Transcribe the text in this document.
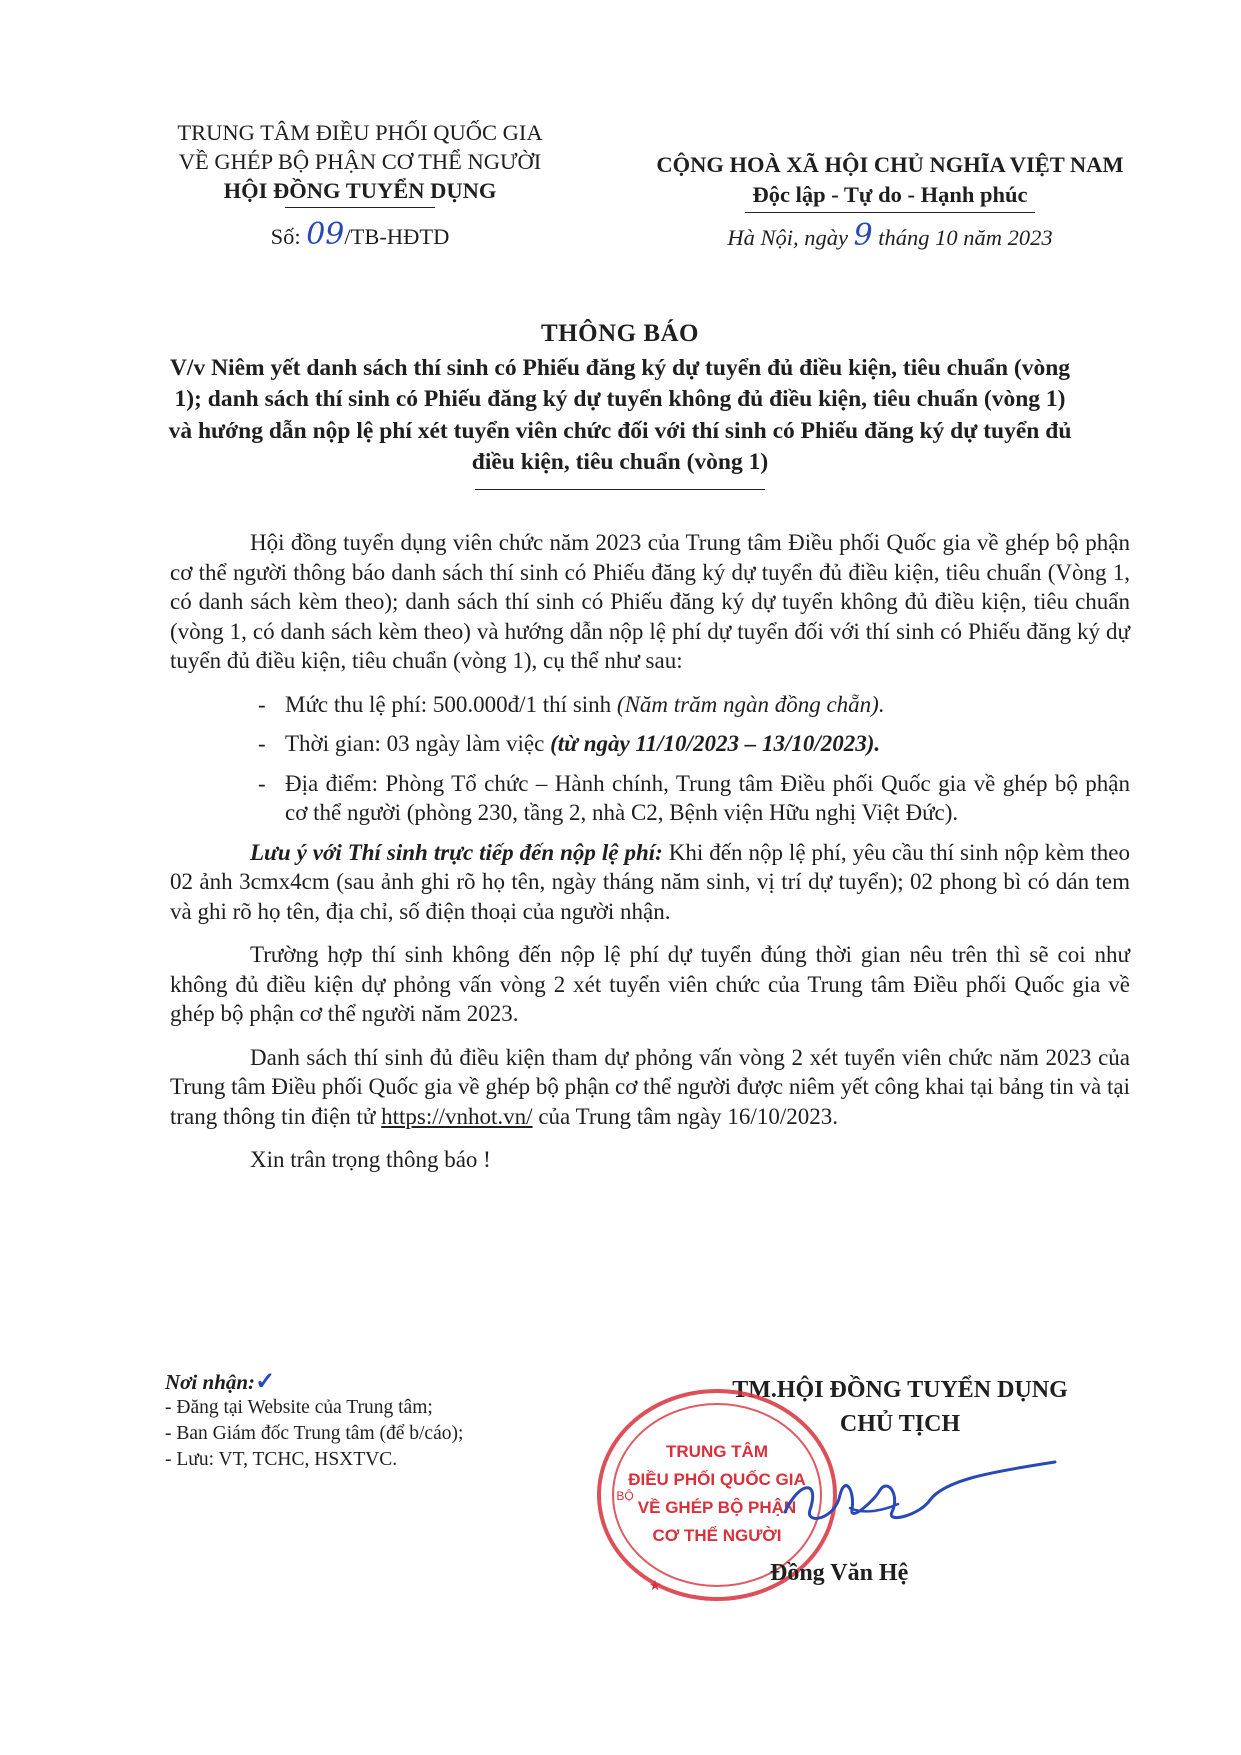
TRUNG TÂM ĐIỀU PHỐI QUỐC GIA
VỀ GHÉP BỘ PHẬN CƠ THỂ NGƯỜI
HỘI ĐỒNG TUYỂN DỤNG
Số: 09/TB-HĐTD
CỘNG HOÀ XÃ HỘI CHỦ NGHĨA VIỆT NAM
Độc lập - Tự do - Hạnh phúc
Hà Nội, ngày 9 tháng 10 năm 2023
THÔNG BÁO
V/v Niêm yết danh sách thí sinh có Phiếu đăng ký dự tuyển đủ điều kiện, tiêu chuẩn (vòng 1); danh sách thí sinh có Phiếu đăng ký dự tuyển không đủ điều kiện, tiêu chuẩn (vòng 1) và hướng dẫn nộp lệ phí xét tuyển viên chức đối với thí sinh có Phiếu đăng ký dự tuyển đủ điều kiện, tiêu chuẩn (vòng 1)

Hội đồng tuyển dụng viên chức năm 2023 của Trung tâm Điều phối Quốc gia về ghép bộ phận cơ thể người thông báo danh sách thí sinh có Phiếu đăng ký dự tuyển đủ điều kiện, tiêu chuẩn (Vòng 1, có danh sách kèm theo); danh sách thí sinh có Phiếu đăng ký dự tuyển không đủ điều kiện, tiêu chuẩn (vòng 1, có danh sách kèm theo) và hướng dẫn nộp lệ phí dự tuyển đối với thí sinh có Phiếu đăng ký dự tuyển đủ điều kiện, tiêu chuẩn (vòng 1), cụ thể như sau:

- Mức thu lệ phí: 500.000đ/1 thí sinh (Năm trăm ngàn đồng chẵn).
- Thời gian: 03 ngày làm việc (từ ngày 11/10/2023 – 13/10/2023).
- Địa điểm: Phòng Tổ chức – Hành chính, Trung tâm Điều phối Quốc gia về ghép bộ phận cơ thể người (phòng 230, tầng 2, nhà C2, Bệnh viện Hữu nghị Việt Đức).

Lưu ý với Thí sinh trực tiếp đến nộp lệ phí: Khi đến nộp lệ phí, yêu cầu thí sinh nộp kèm theo 02 ảnh 3cmx4cm (sau ảnh ghi rõ họ tên, ngày tháng năm sinh, vị trí dự tuyển); 02 phong bì có dán tem và ghi rõ họ tên, địa chỉ, số điện thoại của người nhận.

Trường hợp thí sinh không đến nộp lệ phí dự tuyển đúng thời gian nêu trên thì sẽ coi như không đủ điều kiện dự phỏng vấn vòng 2 xét tuyển viên chức của Trung tâm Điều phối Quốc gia về ghép bộ phận cơ thể người năm 2023.

Danh sách thí sinh đủ điều kiện tham dự phỏng vấn vòng 2 xét tuyển viên chức năm 2023 của Trung tâm Điều phối Quốc gia về ghép bộ phận cơ thể người được niêm yết công khai tại bảng tin và tại trang thông tin điện tử https://vnhot.vn/ của Trung tâm ngày 16/10/2023.

Xin trân trọng thông báo !

Nơi nhận:✓
- Đăng tại Website của Trung tâm;
- Ban Giám đốc Trung tâm (để b/cáo);
- Lưu: VT, TCHC, HSXTVC.
TM.HỘI ĐỒNG TUYỂN DỤNG
CHỦ TỊCH
TRUNG TÂM
ĐIỀU PHỐI QUỐC GIA
VỀ GHÉP BỘ PHẬN
CƠ THỂ NGƯỜI
BỘ
★	Đồng Văn Hệ
